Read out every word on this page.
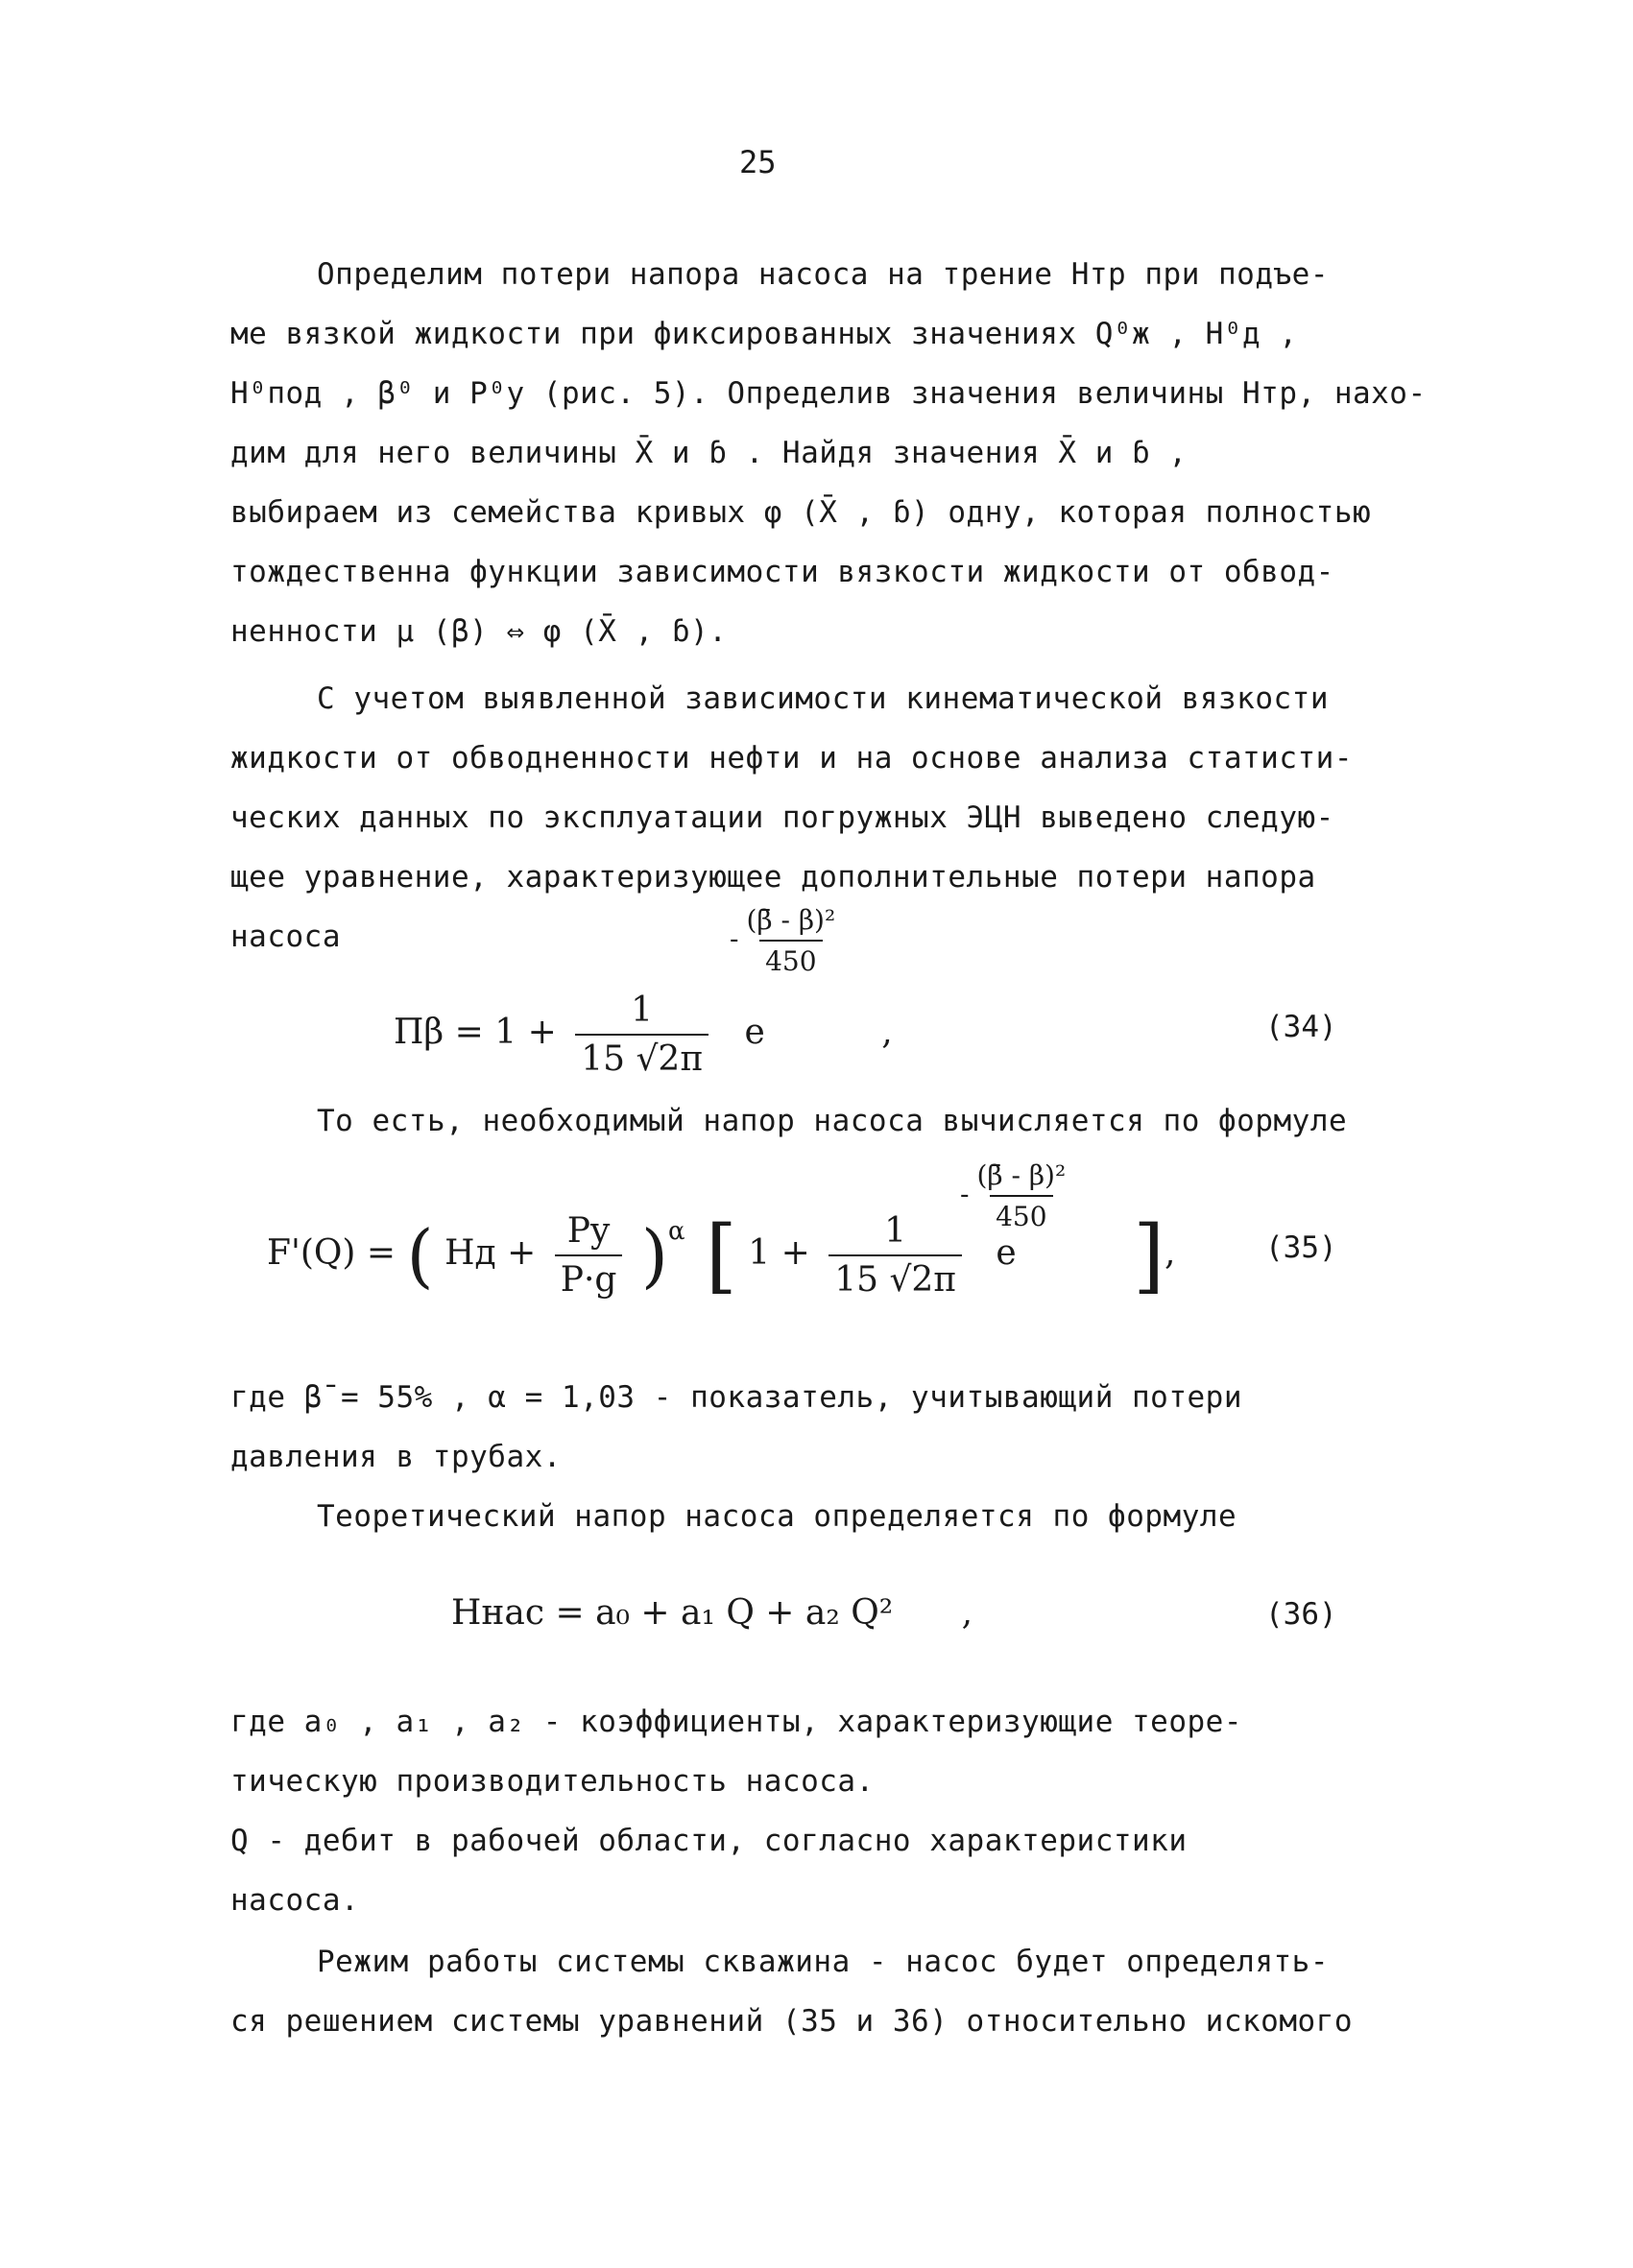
25
Определим потери напора насоса на трение Hтр при подъе-
ме вязкой жидкости при фиксированных значениях Q⁰ж , H⁰д ,
H⁰под , β⁰ и P⁰у (рис. 5). Определив значения величины Hтр, нахо-
дим для него величины X̄ и ɓ . Найдя значения X̄ и ɓ ,
выбираем из семейства кривых φ (X̄ , ɓ) одну, которая полностью
тождественна функции зависимости вязкости жидкости от обвод-
ненности μ (β) ⇔ φ (X̄ , ɓ).
С учетом выявленной зависимости кинематической вязкости
жидкости от обводненности нефти и на основе анализа статисти-
ческих данных по эксплуатации погружных ЭЦН выведено следую-
щее уравнение, характеризующее дополнительные потери напора
насоса	- $\frac{\text{(β̄ - β)²}}{450}$
$\Pi\beta = 1 + \frac{1}{15 √2\pi}$ e	,	(34)
То есть, необходимый напор насоса вычисляется по формуле
- $\frac{\text{(β̄ - β)²}}{450}$
F'(Q) = ( Hд + $\frac{Py}{P\cdot g} )^\alpha$ [ $1 + \frac{1}{15 √2\pi}$ e ],	(35)
где β̄ = 55% , α = 1,03 - показатель, учитывающий потери
давления в трубах.
Теоретический напор насоса определяется по формуле
Hнас = a₀ + a₁ Q + a₂ Q² ,	(36)
где a₀ , a₁ , a₂ - коэффициенты, характеризующие теоре-
тическую производительность насоса.
Q - дебит в рабочей области, согласно характеристики
насоса.
Режим работы системы скважина - насос будет определять-
ся решением системы уравнений (35 и 36) относительно искомого
